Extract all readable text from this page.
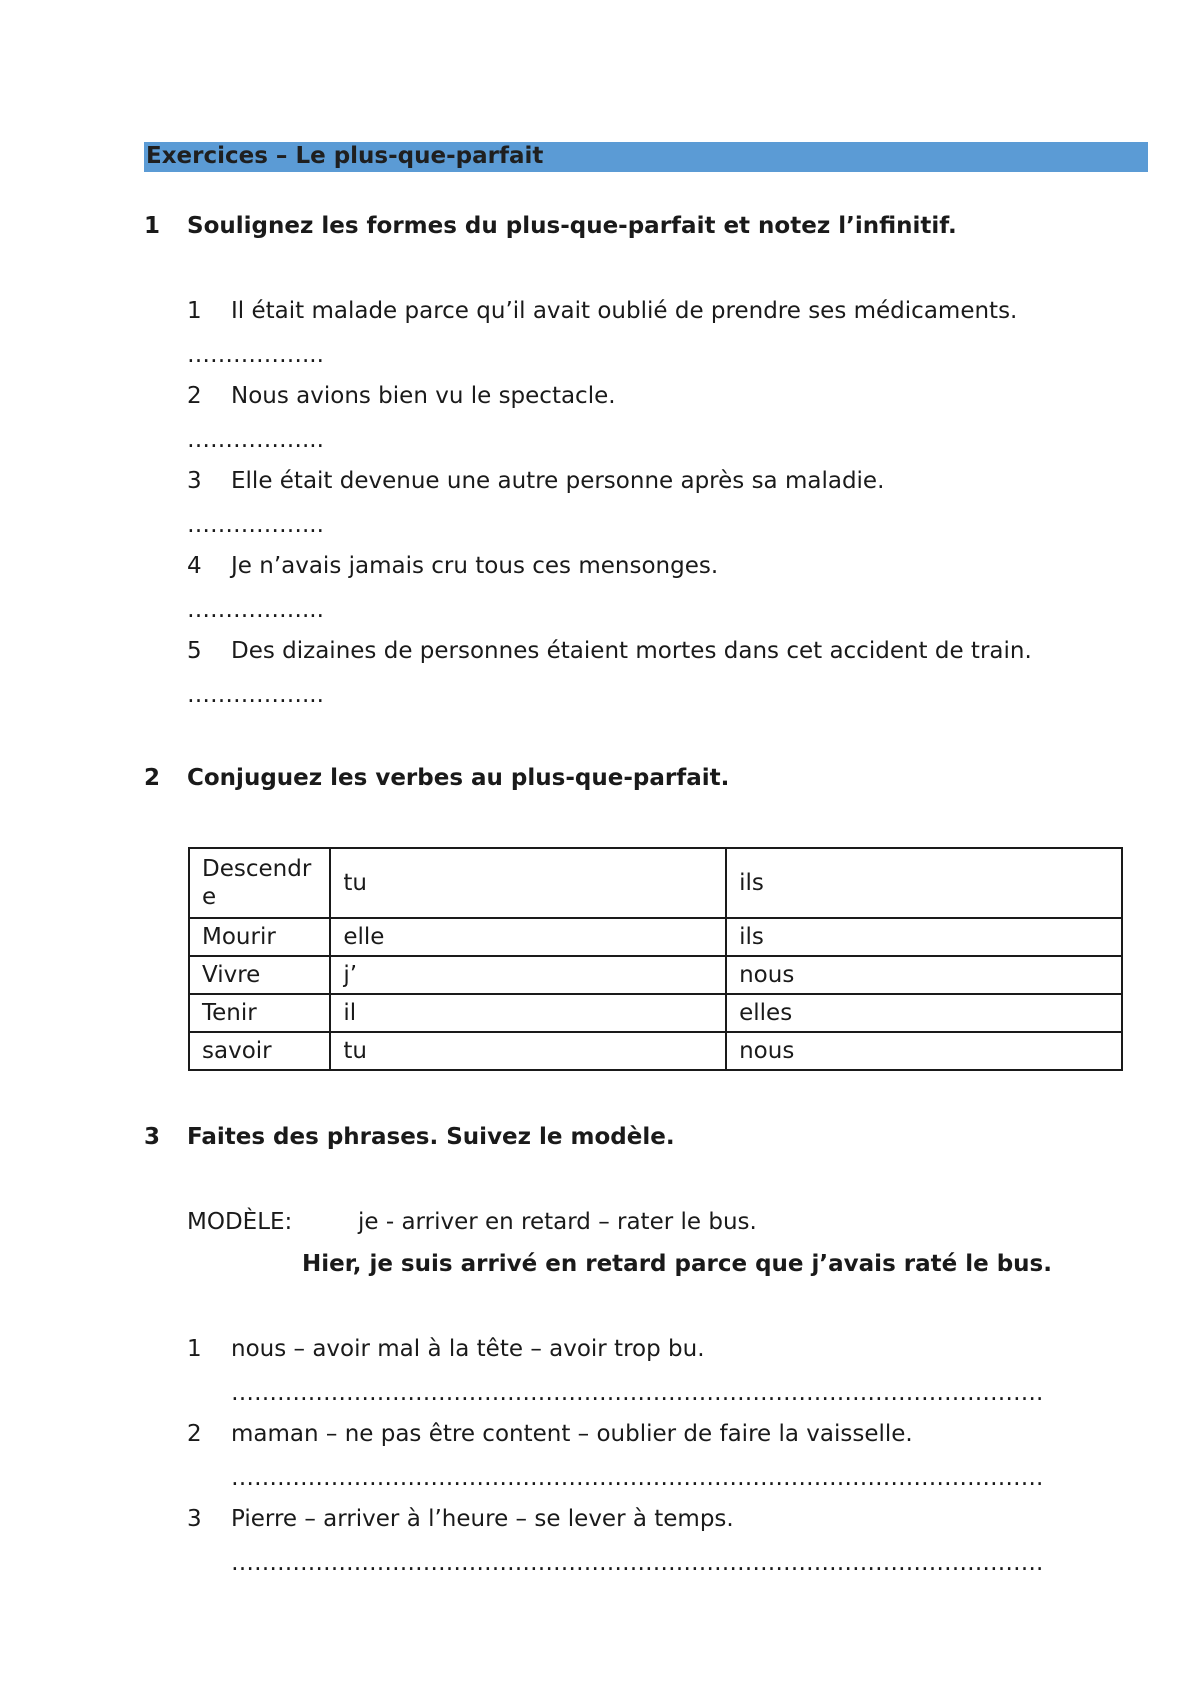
Exercices – Le plus-que-parfait
1 Soulignez les formes du plus-que-parfait et notez l’infinitif.
1 Il était malade parce qu’il avait oublié de prendre ses médicaments.
……………...
2 Nous avions bien vu le spectacle.
……………...
3 Elle était devenue une autre personne après sa maladie.
……………...
4 Je n’avais jamais cru tous ces mensonges.
……………...
5 Des dizaines de personnes étaient mortes dans cet accident de train.
……………...
2 Conjuguez les verbes au plus-que-parfait.
Descendre	tu	ils
Mourir	elle	ils
Vivre	j’	nous
Tenir	il	elles
savoir	tu	nous
3 Faites des phrases. Suivez le modèle.
MODÈLE:	je - arriver en retard – rater le bus.
Hier, je suis arrivé en retard parce que j’avais raté le bus.
1 nous – avoir mal à la tête – avoir trop bu.
…………………………………………………………………………………………….
2 maman – ne pas être content – oublier de faire la vaisselle.
…………………………………………………………………………………………….
3 Pierre – arriver à l’heure – se lever à temps.
…………………………………………………………………………………………….
